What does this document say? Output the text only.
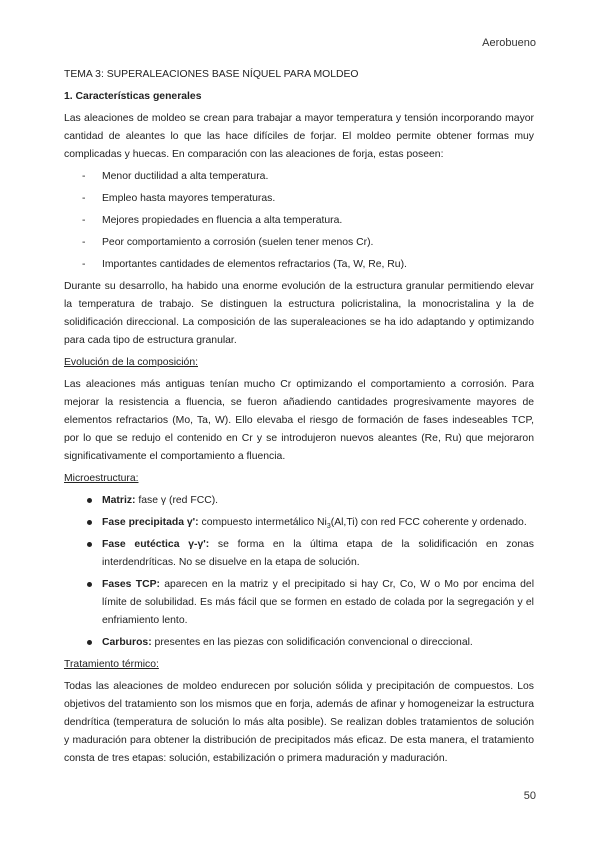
Aerobueno
TEMA 3: SUPERALEACIONES BASE NÍQUEL PARA MOLDEO
1. Características generales

Las aleaciones de moldeo se crean para trabajar a mayor temperatura y tensión incorporando mayor cantidad de aleantes lo que las hace difíciles de forjar. El moldeo permite obtener formas muy complicadas y huecas. En comparación con las aleaciones de forja, estas poseen:

- Menor ductilidad a alta temperatura.
- Empleo hasta mayores temperaturas.
- Mejores propiedades en fluencia a alta temperatura.
- Peor comportamiento a corrosión (suelen tener menos Cr).
- Importantes cantidades de elementos refractarios (Ta, W, Re, Ru).

Durante su desarrollo, ha habido una enorme evolución de la estructura granular permitiendo elevar la temperatura de trabajo. Se distinguen la estructura policristalina, la monocristalina y la de solidificación direccional. La composición de las superaleaciones se ha ido adaptando y optimizando para cada tipo de estructura granular.

Evolución de la composición:

Las aleaciones más antiguas tenían mucho Cr optimizando el comportamiento a corrosión. Para mejorar la resistencia a fluencia, se fueron añadiendo cantidades progresivamente mayores de elementos refractarios (Mo, Ta, W). Ello elevaba el riesgo de formación de fases indeseables TCP, por lo que se redujo el contenido en Cr y se introdujeron nuevos aleantes (Re, Ru) que mejoraron significativamente el comportamiento a fluencia.

Microestructura:
Matriz: fase γ (red FCC).
Fase precipitada γ': compuesto intermetálico $Ni_3(Al,Ti)$ con red FCC coherente y ordenado.
Fase eutéctica γ-γ': se forma en la última etapa de la solidificación en zonas interdendríticas. No se disuelve en la etapa de solución.
Fases TCP: aparecen en la matriz y el precipitado si hay Cr, Co, W o Mo por encima del límite de solubilidad. Es más fácil que se formen en estado de colada por la segregación y el enfriamiento lento.
Carburos: presentes en las piezas con solidificación convencional o direccional.
Tratamiento térmico:

Todas las aleaciones de moldeo endurecen por solución sólida y precipitación de compuestos. Los objetivos del tratamiento son los mismos que en forja, además de afinar y homogeneizar la estructura dendrítica (temperatura de solución lo más alta posible). Se realizan dobles tratamientos de solución y maduración para obtener la distribución de precipitados más eficaz. De esta manera, el tratamiento consta de tres etapas: solución, estabilización o primera maduración y maduración.

50
